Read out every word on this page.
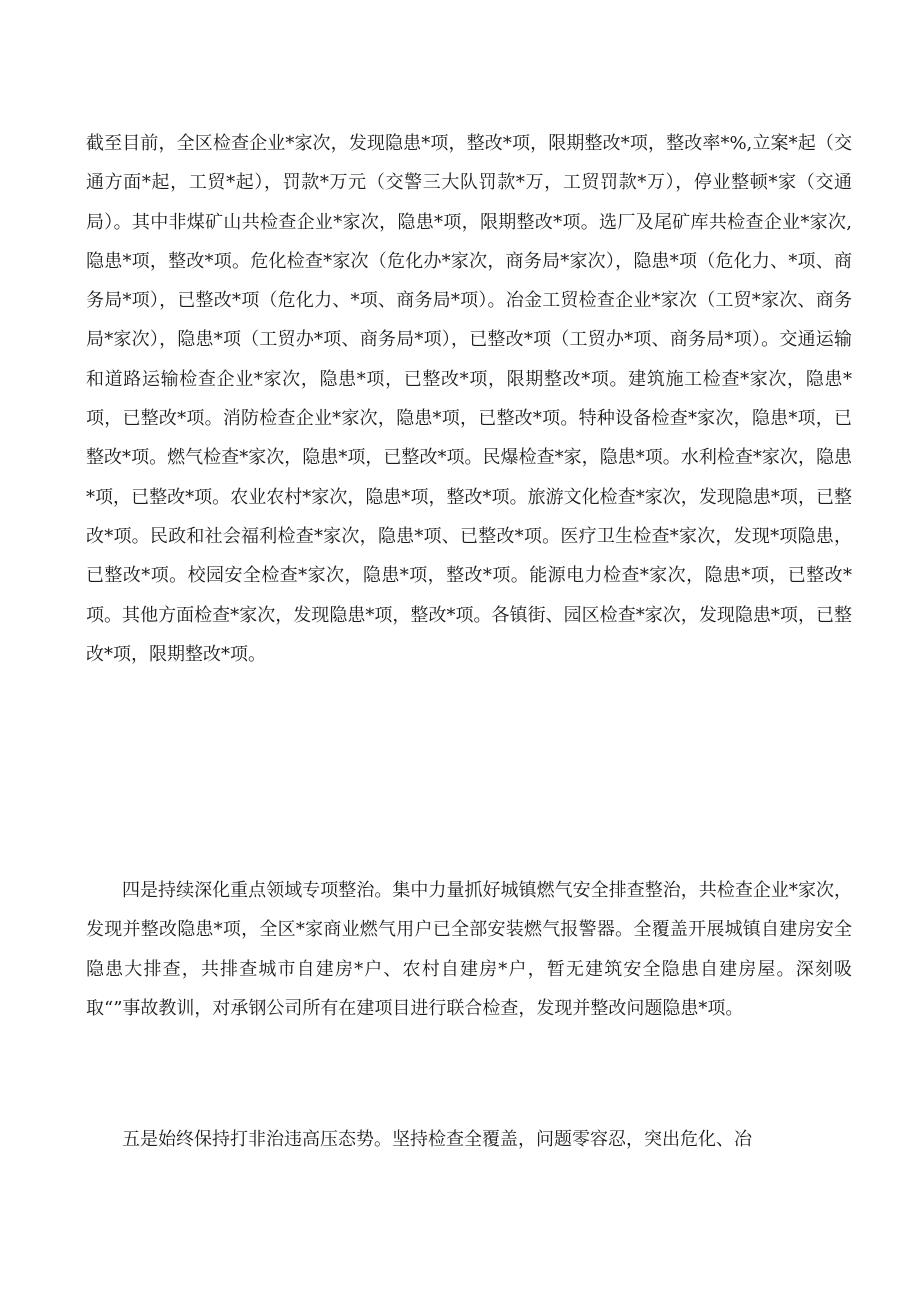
截至目前，全区检查企业*家次，发现隐患*项，整改*项，限期整改*项，整改率*%,立案*起（交通方面*起，工贸*起），罚款*万元（交警三大队罚款*万，工贸罚款*万），停业整顿*家（交通局）。其中非煤矿山共检查企业*家次，隐患*项，限期整改*项。选厂及尾矿库共检查企业*家次,隐患*项，整改*项。危化检查*家次（危化办*家次，商务局*家次），隐患*项（危化力、*项、商务局*项），已整改*项（危化力、*项、商务局*项）。冶金工贸检查企业*家次（工贸*家次、商务局*家次），隐患*项（工贸办*项、商务局*项），已整改*项（工贸办*项、商务局*项）。交通运输和道路运输检查企业*家次，隐患*项，已整改*项，限期整改*项。建筑施工检查*家次，隐患*项，已整改*项。消防检查企业*家次，隐患*项，已整改*项。特种设备检查*家次，隐患*项，已整改*项。燃气检查*家次，隐患*项，已整改*项。民爆检查*家，隐患*项。水利检查*家次，隐患*项，已整改*项。农业农村*家次，隐患*项，整改*项。旅游文化检查*家次，发现隐患*项，已整改*项。民政和社会福利检查*家次，隐患*项、已整改*项。医疗卫生检查*家次，发现*项隐患，已整改*项。校园安全检查*家次，隐患*项，整改*项。能源电力检查*家次，隐患*项，已整改*项。其他方面检查*家次，发现隐患*项，整改*项。各镇街、园区检查*家次，发现隐患*项，已整改*项，限期整改*项。

四是持续深化重点领域专项整治。集中力量抓好城镇燃气安全排查整治，共检查企业*家次，发现并整改隐患*项，全区*家商业燃气用户已全部安装燃气报警器。全覆盖开展城镇自建房安全隐患大排查，共排查城市自建房*户、农村自建房*户，暂无建筑安全隐患自建房屋。深刻吸取“”事故教训，对承钢公司所有在建项目进行联合检查，发现并整改问题隐患*项。

五是始终保持打非治违高压态势。坚持检查全覆盖，问题零容忍，突出危化、冶
